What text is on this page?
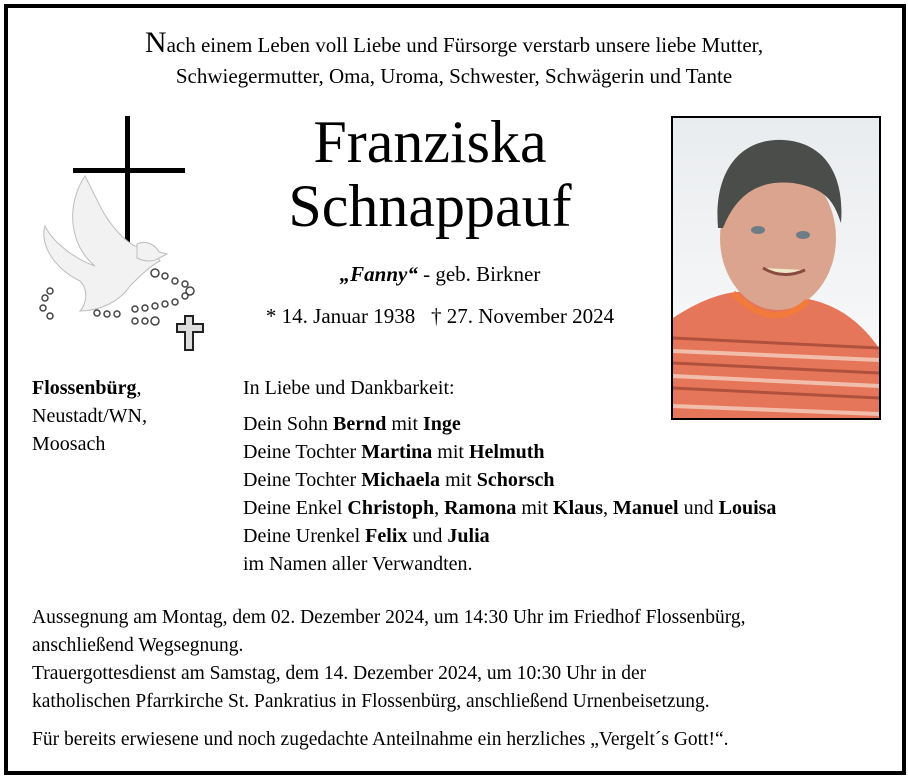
Nach einem Leben voll Liebe und Fürsorge verstarb unsere liebe Mutter,
Schwiegermutter, Oma, Uroma, Schwester, Schwägerin und Tante
Franziska
Schnappauf
„Fanny“ - geb. Birkner
* 14. Januar 1938 † 27. November 2024
Flossenbürg,
Neustadt/WN,
Moosach
In Liebe und Dankbarkeit:
Dein Sohn Bernd mit Inge
Deine Tochter Martina mit Helmuth
Deine Tochter Michaela mit Schorsch
Deine Enkel Christoph, Ramona mit Klaus, Manuel und Louisa
Deine Urenkel Felix und Julia
im Namen aller Verwandten.
Aussegnung am Montag, dem 02. Dezember 2024, um 14:30 Uhr im Friedhof Flossenbürg,
anschließend Wegsegnung.
Trauergottesdienst am Samstag, dem 14. Dezember 2024, um 10:30 Uhr in der
katholischen Pfarrkirche St. Pankratius in Flossenbürg, anschließend Urnenbeisetzung.
Für bereits erwiesene und noch zugedachte Anteilnahme ein herzliches „Vergelt´s Gott!“.
